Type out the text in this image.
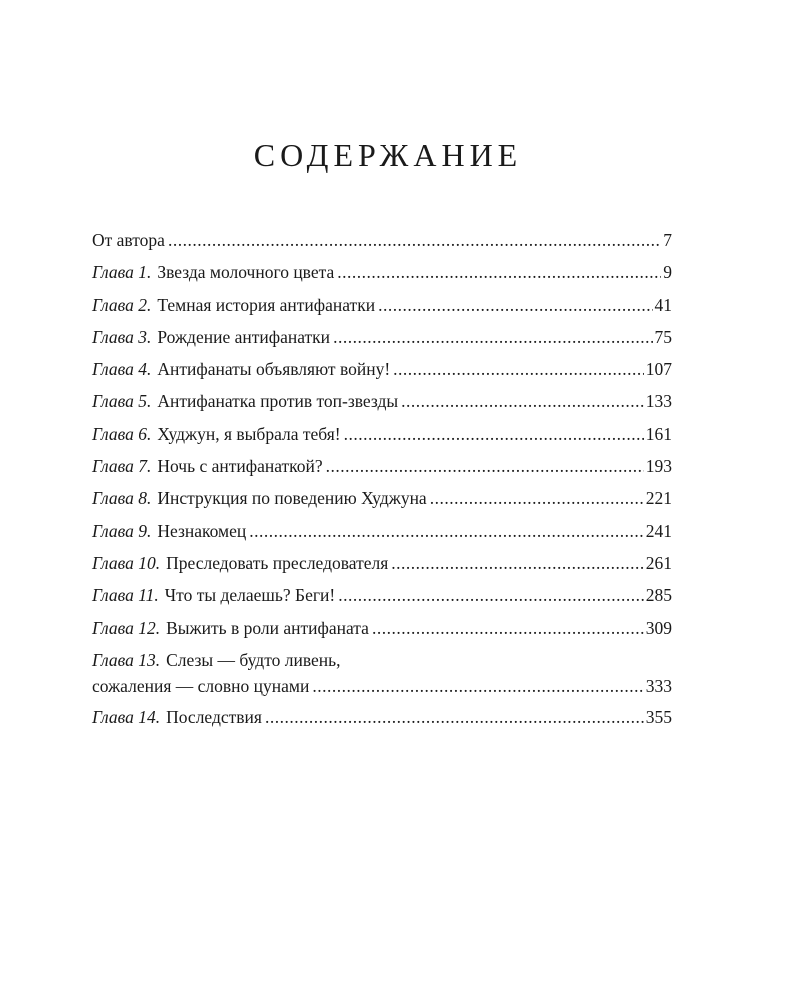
СОДЕРЖАНИЕ
От автора .....	7
Глава 1. Звезда молочного цвета .....	9
Глава 2. Темная история антифанатки .....	41
Глава 3. Рождение антифанатки .....	75
Глава 4. Антифанаты объявляют войну! .....	107
Глава 5. Антифанатка против топ-звезды .....	133
Глава 6. Худжун, я выбрала тебя! .....	161
Глава 7. Ночь с антифанаткой? .....	193
Глава 8. Инструкция по поведению Худжуна .....	221
Глава 9. Незнакомец .....	241
Глава 10. Преследовать преследователя .....	261
Глава 11. Что ты делаешь? Беги! .....	285
Глава 12. Выжить в роли антифаната .....	309
Глава 13. Слезы — будто ливень,
сожаления — словно цунами .....	333
Глава 14. Последствия .....	355
